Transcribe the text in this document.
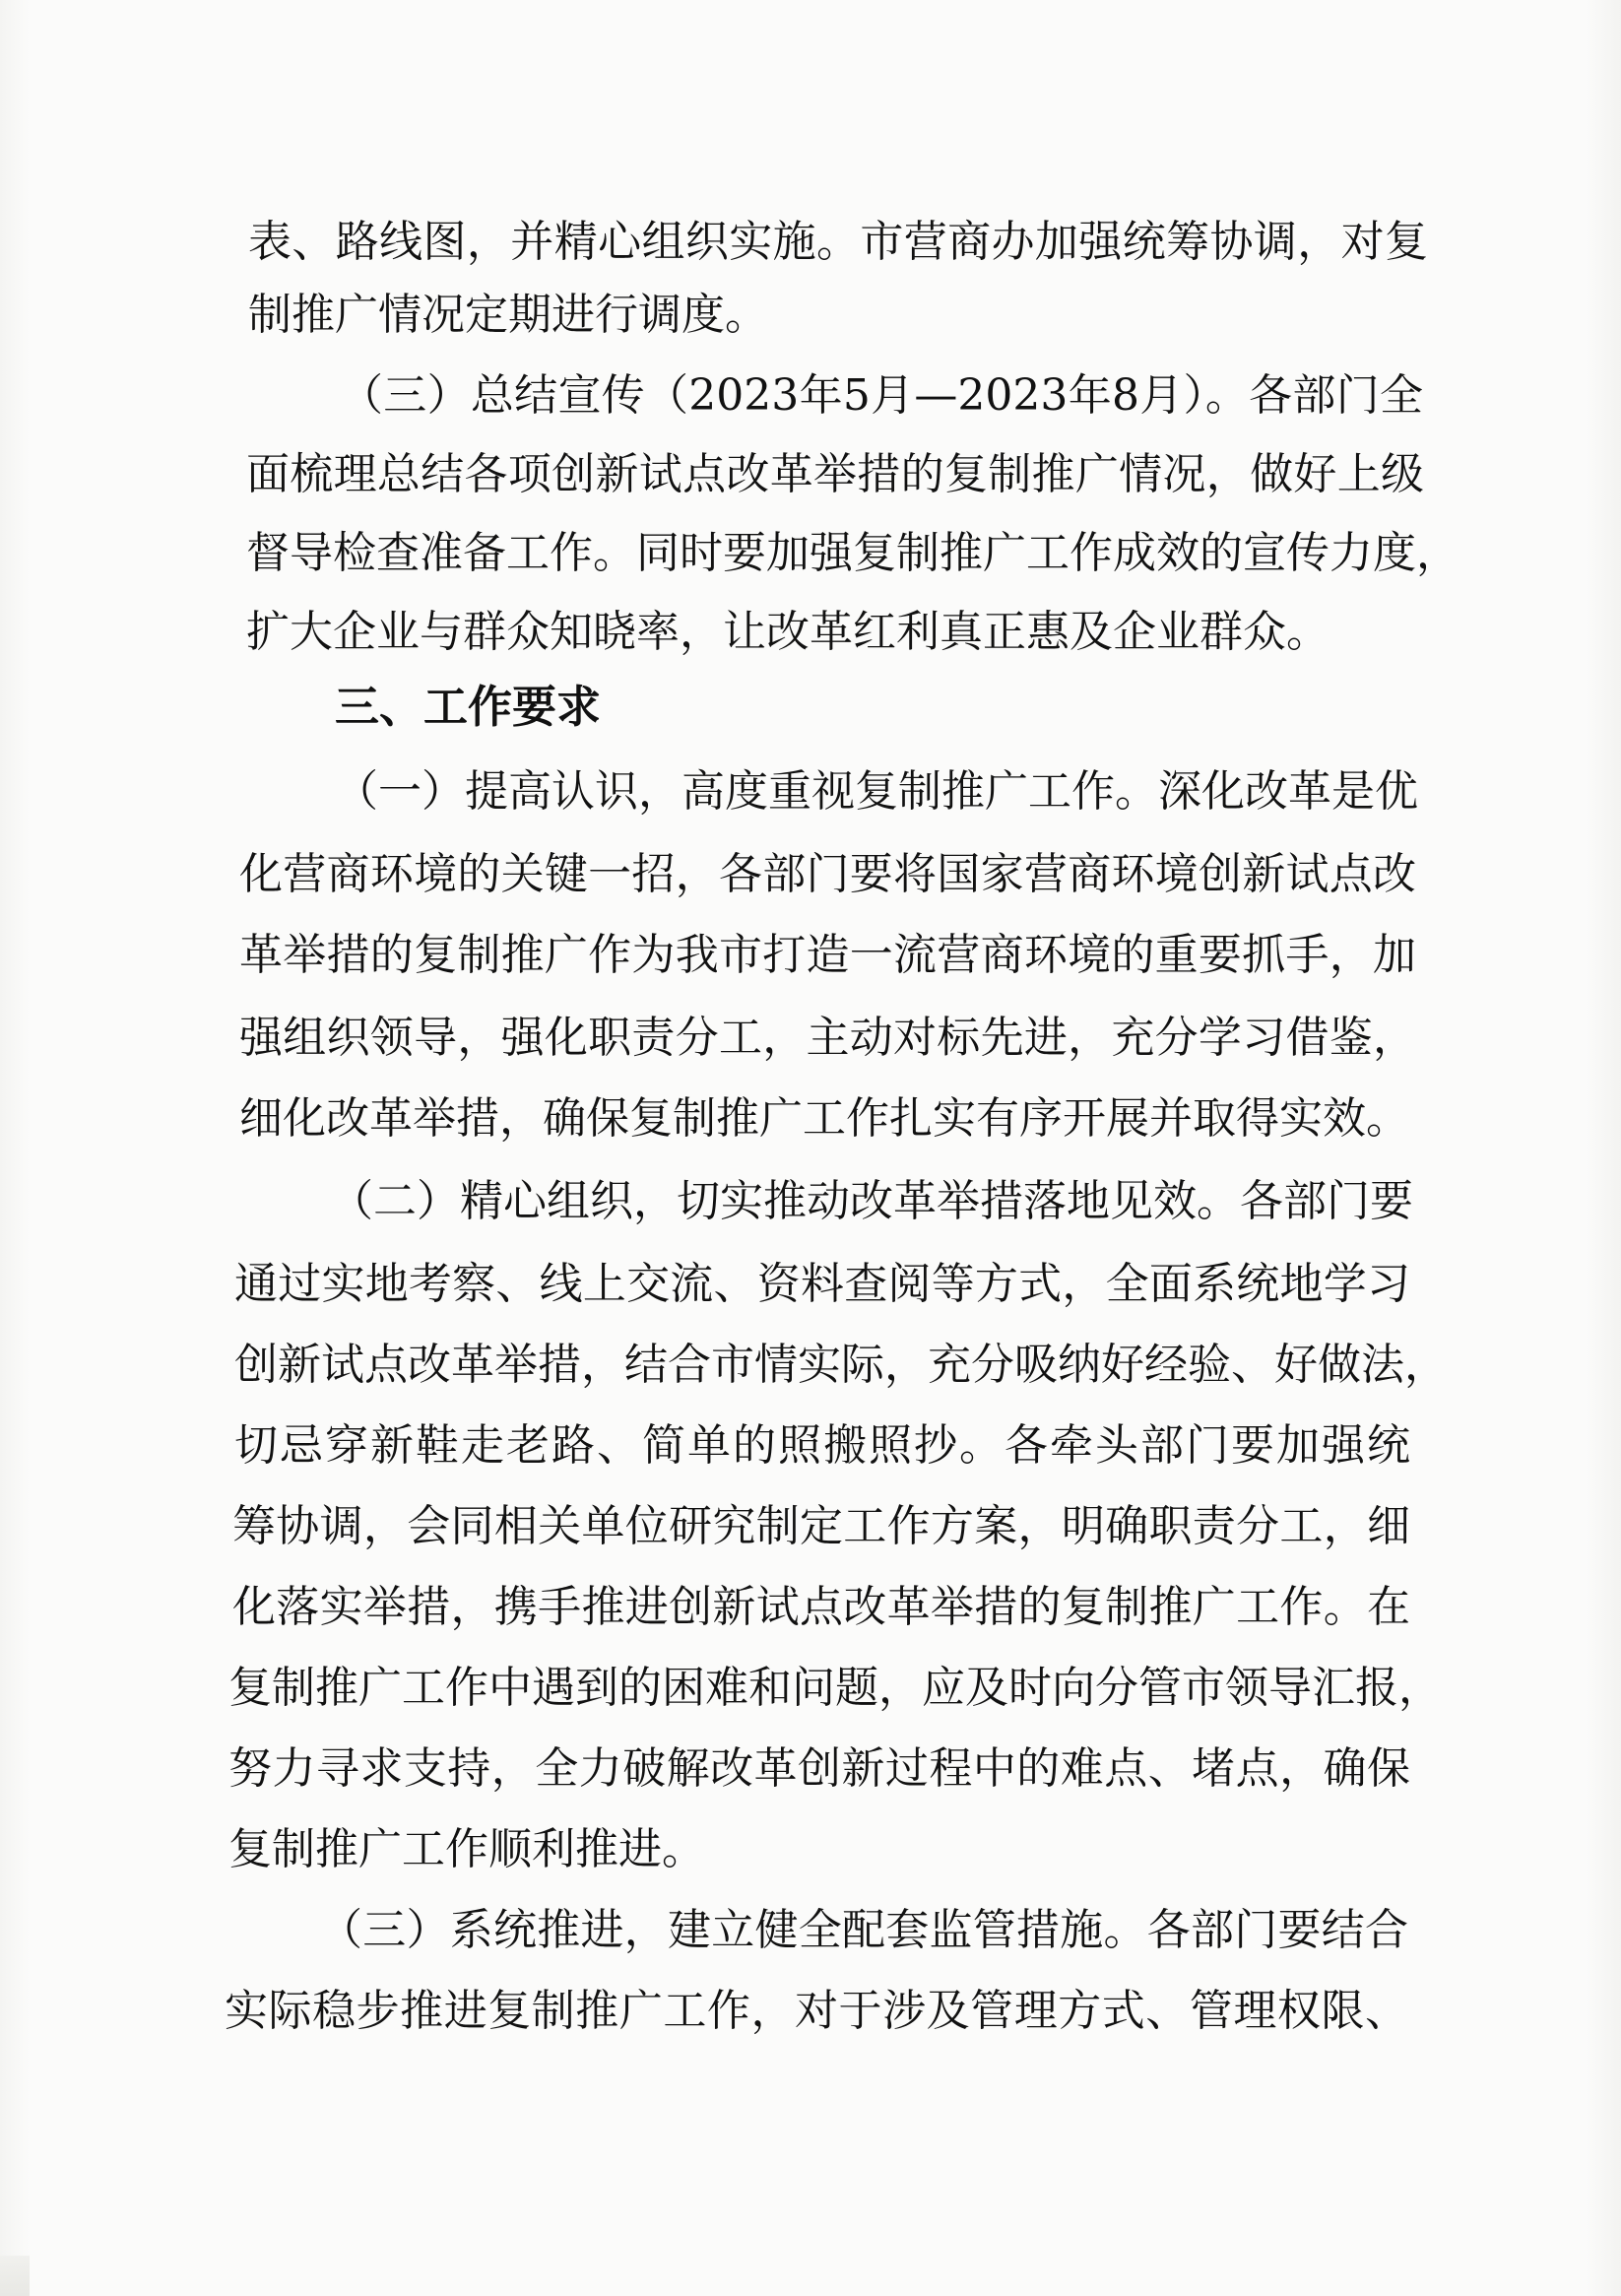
表、路线图，并精心组织实施。市营商办加强统筹协调，对复

制推广情况定期进行调度。

（三）总结宣传（2023年5月—2023年8月）。各部门全

面梳理总结各项创新试点改革举措的复制推广情况，做好上级

督导检查准备工作。同时要加强复制推广工作成效的宣传力度，

扩大企业与群众知晓率，让改革红利真正惠及企业群众。

三、工作要求

（一）提高认识，高度重视复制推广工作。深化改革是优

化营商环境的关键一招，各部门要将国家营商环境创新试点改

革举措的复制推广作为我市打造一流营商环境的重要抓手，加

强组织领导，强化职责分工，主动对标先进，充分学习借鉴，

细化改革举措，确保复制推广工作扎实有序开展并取得实效。

（二）精心组织，切实推动改革举措落地见效。各部门要

通过实地考察、线上交流、资料查阅等方式，全面系统地学习

创新试点改革举措，结合市情实际，充分吸纳好经验、好做法，

切忌穿新鞋走老路、简单的照搬照抄。各牵头部门要加强统

筹协调，会同相关单位研究制定工作方案，明确职责分工，细

化落实举措，携手推进创新试点改革举措的复制推广工作。在

复制推广工作中遇到的困难和问题，应及时向分管市领导汇报，

努力寻求支持，全力破解改革创新过程中的难点、堵点，确保

复制推广工作顺利推进。

（三）系统推进，建立健全配套监管措施。各部门要结合

实际稳步推进复制推广工作，对于涉及管理方式、管理权限、
